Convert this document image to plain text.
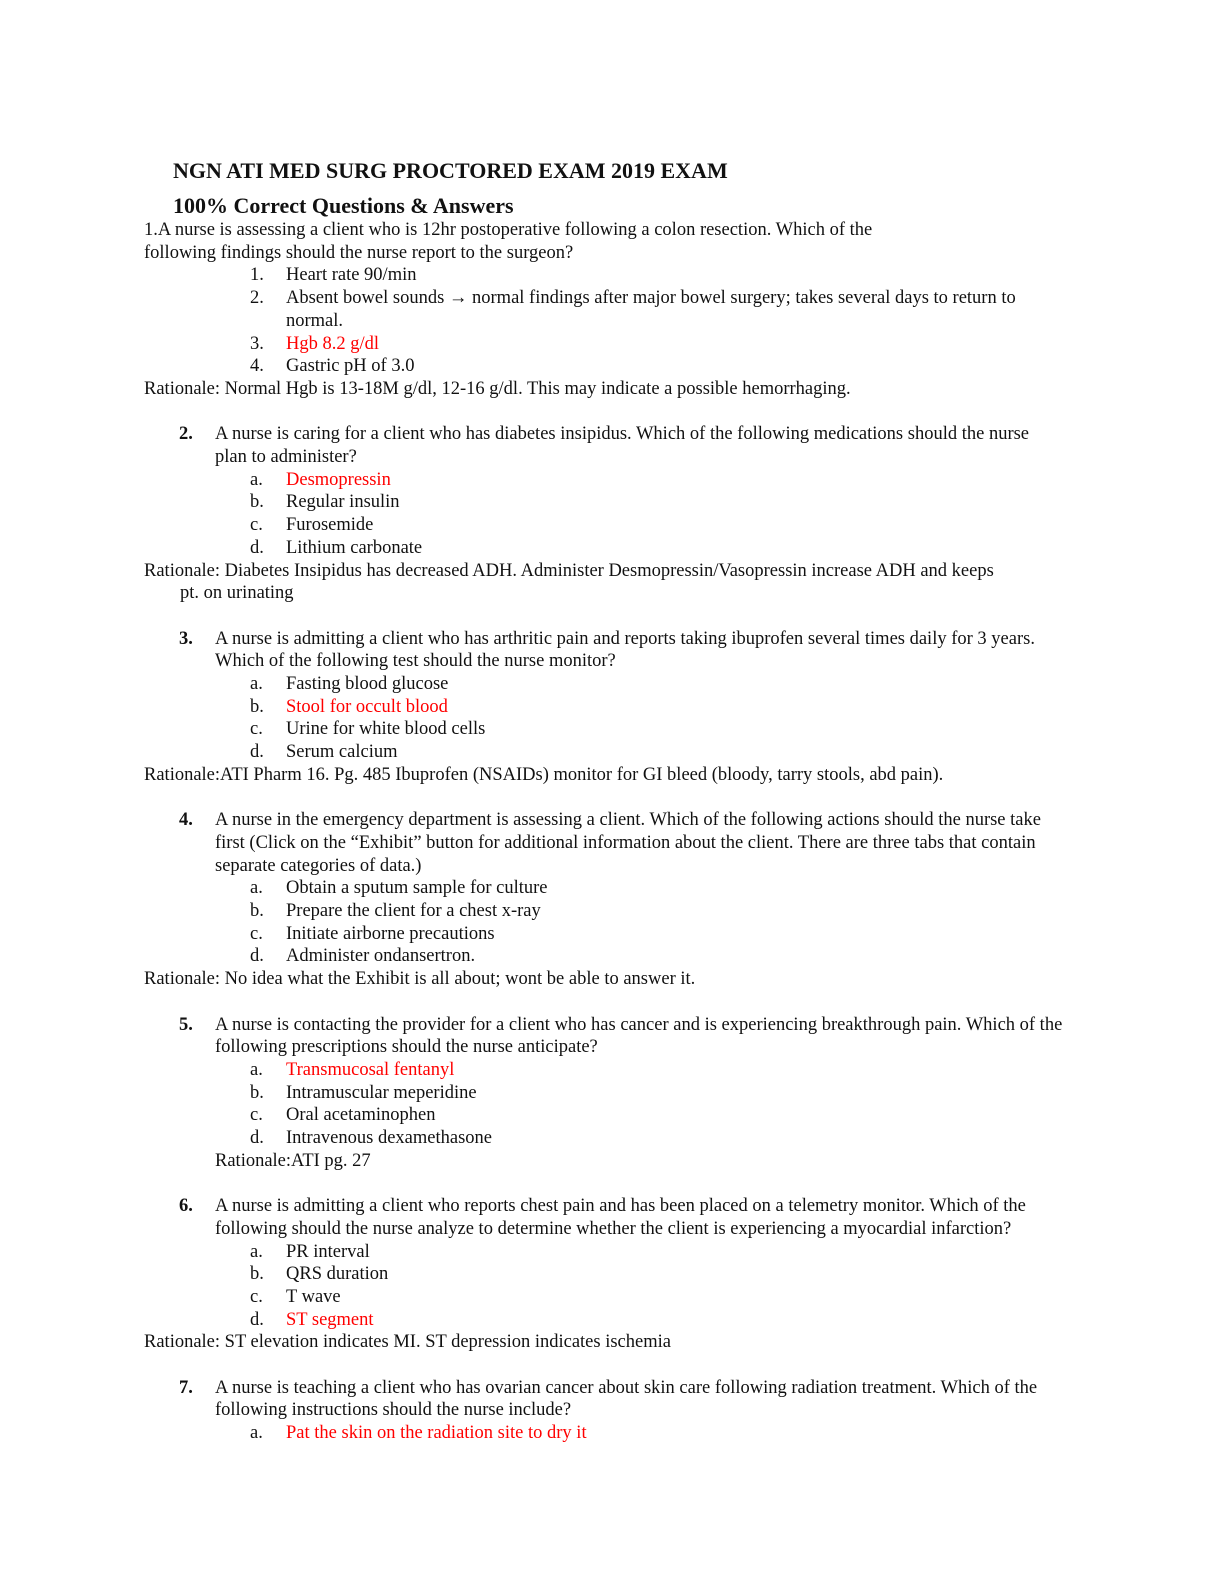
NGN ATI MED SURG PROCTORED EXAM 2019 EXAM
100% Correct Questions & Answers
1.A nurse is assessing a client who is 12hr postoperative following a colon resection. Which of the
following findings should the nurse report to the surgeon?
1. Heart rate 90/min
2. Absent bowel sounds → normal findings after major bowel surgery; takes several days to return to normal.
3. Hgb 8.2 g/dl
4. Gastric pH of 3.0
Rationale: Normal Hgb is 13-18M g/dl, 12-16 g/dl. This may indicate a possible hemorrhaging.
2. A nurse is caring for a client who has diabetes insipidus. Which of the following medications should the nurse plan to administer?
a. Desmopressin
b. Regular insulin
c. Furosemide
d. Lithium carbonate
Rationale: Diabetes Insipidus has decreased ADH. Administer Desmopressin/Vasopressin increase ADH and keeps
pt. on urinating
3. A nurse is admitting a client who has arthritic pain and reports taking ibuprofen several times daily for 3 years. Which of the following test should the nurse monitor?
a. Fasting blood glucose
b. Stool for occult blood
c. Urine for white blood cells
d. Serum calcium
Rationale:ATI Pharm 16. Pg. 485 Ibuprofen (NSAIDs) monitor for GI bleed (bloody, tarry stools, abd pain).
4. A nurse in the emergency department is assessing a client. Which of the following actions should the nurse take first (Click on the “Exhibit” button for additional information about the client. There are three tabs that contain separate categories of data.)
a. Obtain a sputum sample for culture
b. Prepare the client for a chest x-ray
c. Initiate airborne precautions
d. Administer ondansertron.
Rationale: No idea what the Exhibit is all about; wont be able to answer it.
5. A nurse is contacting the provider for a client who has cancer and is experiencing breakthrough pain. Which of the following prescriptions should the nurse anticipate?
a. Transmucosal fentanyl
b. Intramuscular meperidine
c. Oral acetaminophen
d. Intravenous dexamethasone
Rationale:ATI pg. 27
6. A nurse is admitting a client who reports chest pain and has been placed on a telemetry monitor. Which of the following should the nurse analyze to determine whether the client is experiencing a myocardial infarction?
a. PR interval
b. QRS duration
c. T wave
d. ST segment
Rationale: ST elevation indicates MI. ST depression indicates ischemia
7. A nurse is teaching a client who has ovarian cancer about skin care following radiation treatment. Which of the following instructions should the nurse include?
a. Pat the skin on the radiation site to dry it
